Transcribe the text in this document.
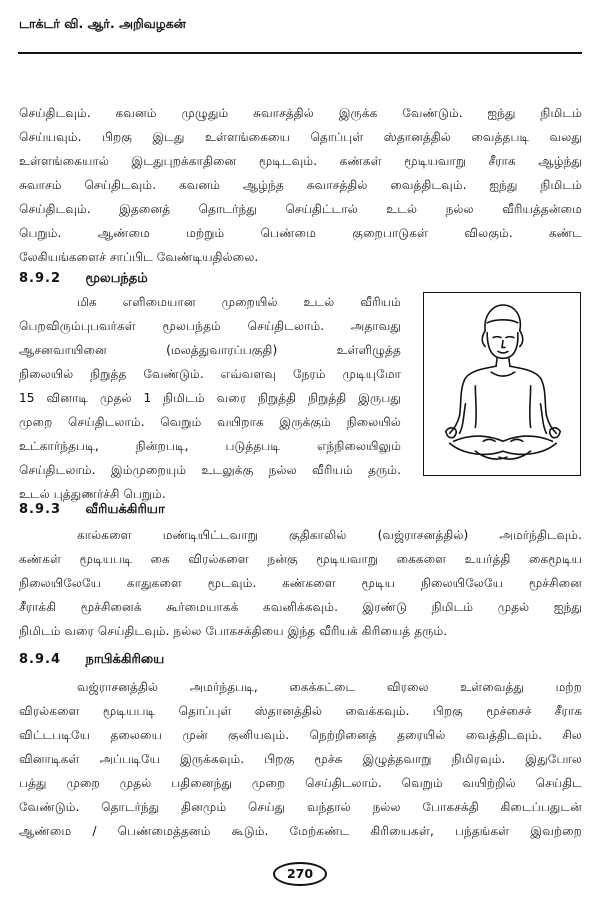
டாக்டர் வி. ஆர். அறிவழகன்
செய்திடவும். கவனம் முழுதும் சுவாசத்தில் இருக்க வேண்டும். ஐந்து நிமிடம்
செய்யவும். பிறகு இடது உள்ளங்கையை தொப்புள் ஸ்தானத்தில் வைத்தபடி வலது
உள்ளங்கையால் இடதுபுறக்காதினை மூடிடவும். கண்கள் மூடியவாறு சீராக ஆழ்ந்து
சுவாசம் செய்திடவும். கவனம் ஆழ்ந்த சுவாசத்தில் வைத்திடவும். ஐந்து நிமிடம்
செய்திடவும். இதனைத் தொடர்ந்து செய்திட்டால் உடல் நல்ல வீரியத்தன்மை
பெறும். ஆண்மை மற்றும் பெண்மை குறைபாடுகள் விலகும். கண்ட
லேகியங்களைச் சாப்பிட வேண்டியதில்லை.
8.9.2 மூலபந்தம்
மிக எளிமையான முறையில் உடல் வீரியம்
பெறவிரும்புபவர்கள் மூலபந்தம் செய்திடலாம். அதாவது
ஆசனவாயினை (மலத்துவாரப்பகுதி) உள்ளிழுத்த
நிலையில் நிறுத்த வேண்டும். எவ்வளவு நேரம் முடியுமோ
15 வினாடி முதல் 1 நிமிடம் வரை நிறுத்தி நிறுத்தி இருபது
முறை செய்திடலாம். வெறும் வயிறாக இருக்கும் நிலையில்
உட்கார்ந்தபடி, நின்றபடி, படுத்தபடி எந்நிலையிலும்
செய்திடலாம். இம்முறையும் உடலுக்கு நல்ல வீரியம் தரும்.
உடல் புத்துணர்ச்சி பெறும்.
8.9.3 வீரியக்கிரியா
கால்களை மண்டியிட்டவாறு குதிகாலில் (வஜ்ராசனத்தில்) அமர்ந்திடவும்.
கண்கள் மூடியபடி கை விரல்களை நன்கு மூடியவாறு கைகளை உயர்த்தி கைமூடிய
நிலையிலேயே காதுகளை மூடவும். கண்களை மூடிய நிலையிலேயே மூச்சினை
சீராக்கி மூச்சினைக் கூர்மையாகக் கவனிக்கவும். இரண்டு நிமிடம் முதல் ஐந்து
நிமிடம் வரை செய்திடவும். நல்ல போகசக்தியை இந்த வீரியக் கிரியைத் தரும்.
8.9.4 நாபிக்கிரியை
வஜ்ராசனத்தில் அமர்ந்தபடி, கைக்கட்டை விரலை உள்வைத்து மற்ற
விரல்களை மூடியபடி தொப்புள் ஸ்தானத்தில் வைக்கவும். பிறகு மூச்சைச் சீராக
விட்டபடியே தலையை முன் குனியவும். நெற்றினைத் தரையில் வைத்திடவும். சில
வினாடிகள் அப்படியே இருக்கவும். பிறகு மூச்சு இழுத்தவாறு நிமிரவும். இதுபோல
பத்து முறை முதல் பதினைந்து முறை செய்திடலாம். வெறும் வயிற்றில் செய்திட
வேண்டும். தொடர்ந்து தினமும் செய்து வந்தால் நல்ல போகசக்தி கிடைப்பதுடன்
ஆண்மை / பெண்மைத்தனம் கூடும். மேற்கண்ட கிரியைகள், பந்தங்கள் இவற்றை
270
